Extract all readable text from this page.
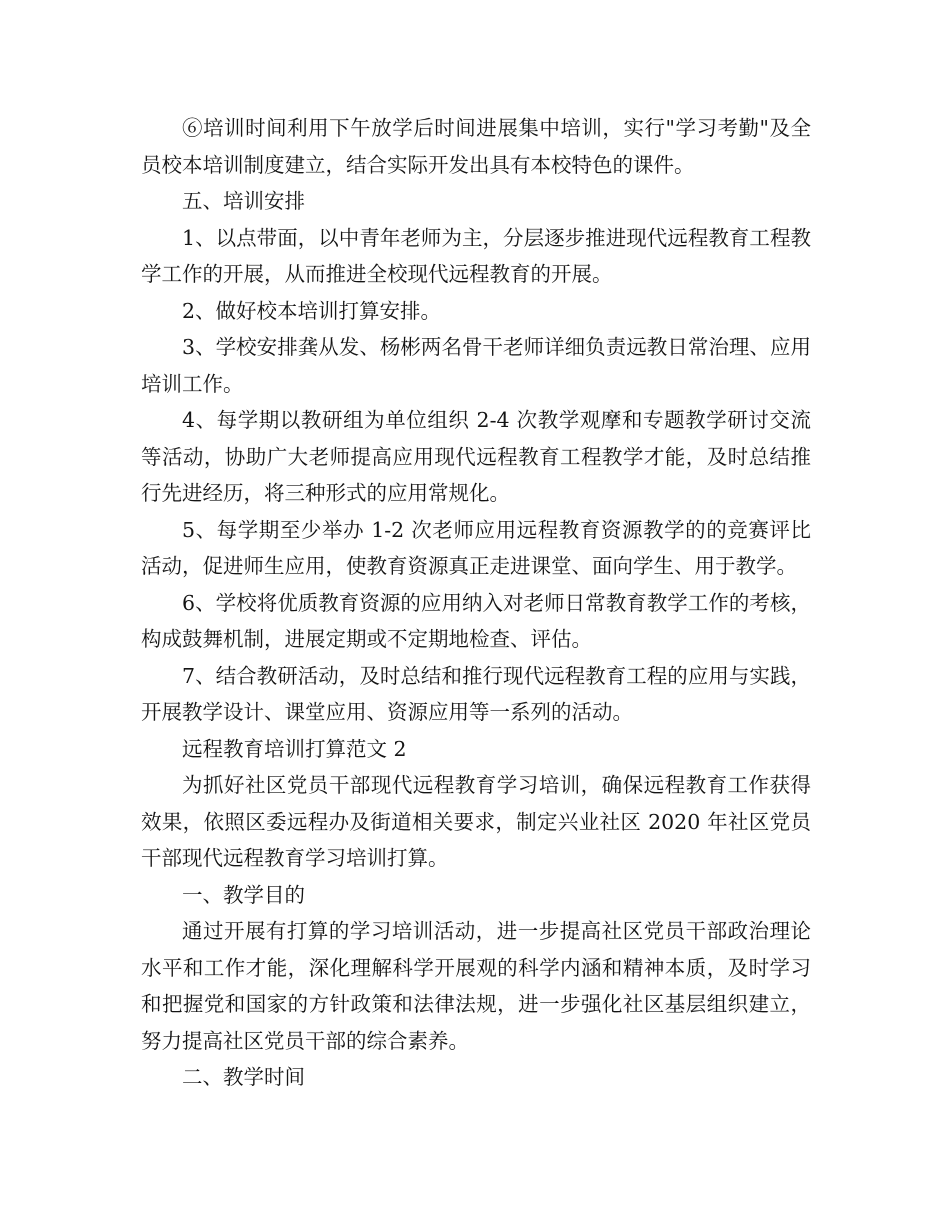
⑥培训时间利用下午放学后时间进展集中培训，实行"学习考勤"及全员校本培训制度建立，结合实际开发出具有本校特色的课件。

五、培训安排

1、以点带面，以中青年老师为主，分层逐步推进现代远程教育工程教学工作的开展，从而推进全校现代远程教育的开展。

2、做好校本培训打算安排。

3、学校安排龚从发、杨彬两名骨干老师详细负责远教日常治理、应用培训工作。

4、每学期以教研组为单位组织 2-4 次教学观摩和专题教学研讨交流等活动，协助广大老师提高应用现代远程教育工程教学才能，及时总结推行先进经历，将三种形式的应用常规化。

5、每学期至少举办 1-2 次老师应用远程教育资源教学的的竞赛评比活动，促进师生应用，使教育资源真正走进课堂、面向学生、用于教学。

6、学校将优质教育资源的应用纳入对老师日常教育教学工作的考核，构成鼓舞机制，进展定期或不定期地检查、评估。

7、结合教研活动，及时总结和推行现代远程教育工程的应用与实践，开展教学设计、课堂应用、资源应用等一系列的活动。

远程教育培训打算范文 2

为抓好社区党员干部现代远程教育学习培训，确保远程教育工作获得效果，依照区委远程办及街道相关要求，制定兴业社区 2020 年社区党员干部现代远程教育学习培训打算。

一、教学目的

通过开展有打算的学习培训活动，进一步提高社区党员干部政治理论水平和工作才能，深化理解科学开展观的科学内涵和精神本质，及时学习和把握党和国家的方针政策和法律法规，进一步强化社区基层组织建立，努力提高社区党员干部的综合素养。

二、教学时间
